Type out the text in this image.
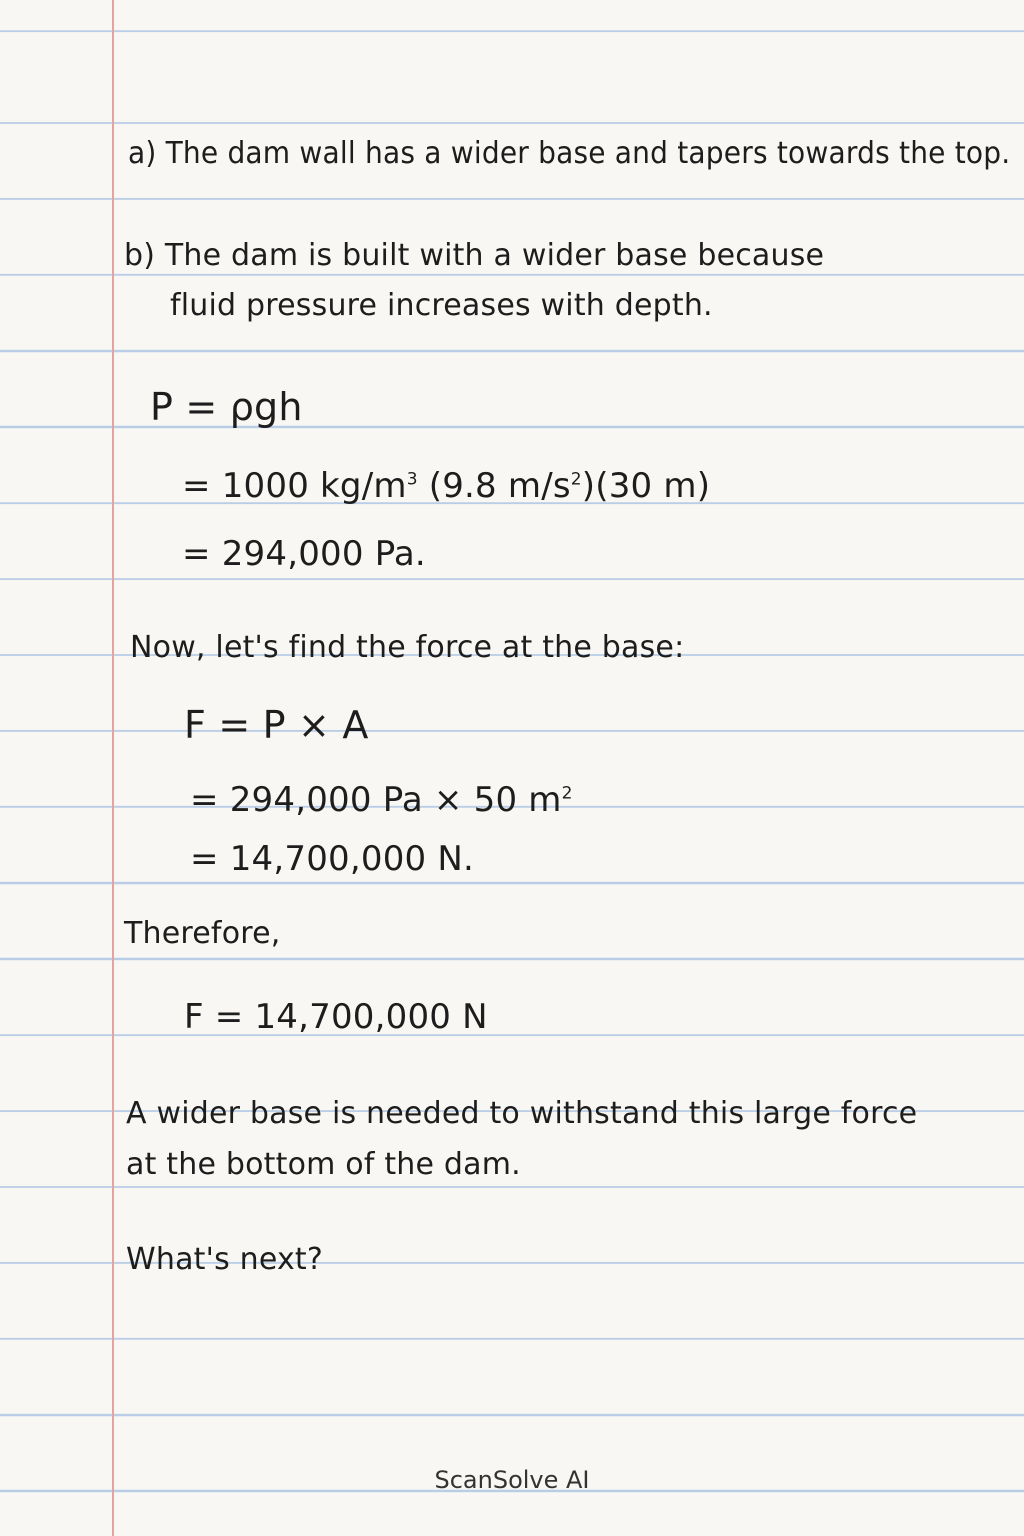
a) The dam wall has a wider base and tapers towards the top.
b) The dam is built with a wider base because
fluid pressure increases with depth.
P = ρgh
= 1000 $kg/m^3$ (9.8 $m/s^2)(30$ m)
= 294,000 Pa.
Now, let's find the force at the base:
F = P × A
= 294,000 Pa × 50 $m^2$
= 14,700,000 N.
Therefore,
F = 14,700,000 N
A wider base is needed to withstand this large force
at the bottom of the dam.
What's next?
ScanSolve AI
